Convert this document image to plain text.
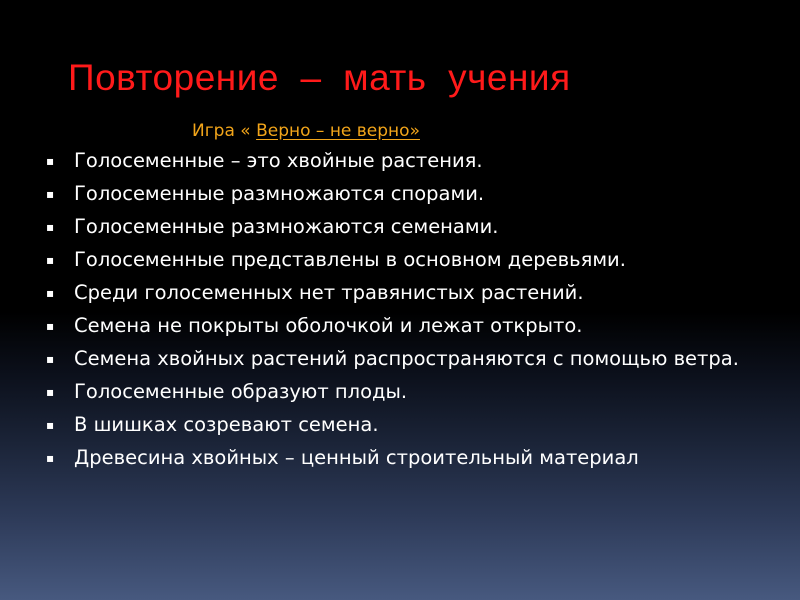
Повторение  –  мать  учения
Игра « Верно – не верно»
▪ Голосеменные – это хвойные растения.
▪ Голосеменные размножаются спорами.
▪ Голосеменные размножаются семенами.
▪ Голосеменные представлены в основном деревьями.
▪ Среди голосеменных нет травянистых растений.
▪ Семена не покрыты оболочкой и лежат открыто.
▪ Семена хвойных растений распространяются с помощью ветра.
▪ Голосеменные образуют плоды.
▪ В шишках созревают семена.
▪ Древесина хвойных – ценный строительный материал
